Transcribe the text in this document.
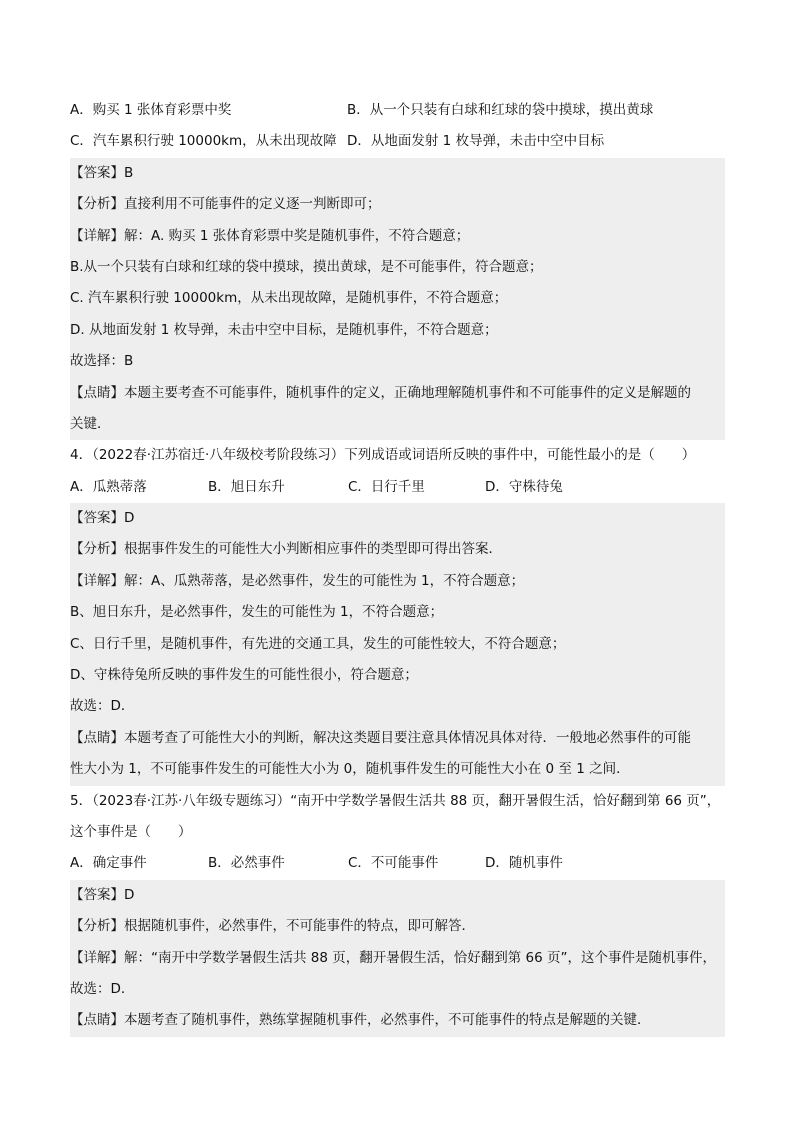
A．购买 1 张体育彩票中奖	B．从一个只装有白球和红球的袋中摸球，摸出黄球
C．汽车累积行驶 10000km，从未出现故障 D．从地面发射 1 枚导弹，未击中空中目标
【答案】B
【分析】直接利用不可能事件的定义逐一判断即可；
【详解】解：A. 购买 1 张体育彩票中奖是随机事件，不符合题意；
B.从一个只装有白球和红球的袋中摸球，摸出黄球，是不可能事件，符合题意；
C. 汽车累积行驶 10000km，从未出现故障，是随机事件，不符合题意；
D. 从地面发射 1 枚导弹，未击中空中目标，是随机事件，不符合题意；
故选择：B
【点睛】本题主要考查不可能事件，随机事件的定义，正确地理解随机事件和不可能事件的定义是解题的
关键．
4．（2022春·江苏宿迁·八年级校考阶段练习）下列成语或词语所反映的事件中，可能性最小的是（　　）
A．瓜熟蒂落	B．旭日东升	C．日行千里	D．守株待兔
【答案】D
【分析】根据事件发生的可能性大小判断相应事件的类型即可得出答案．
【详解】解：A、瓜熟蒂落，是必然事件，发生的可能性为 1，不符合题意；
B、旭日东升，是必然事件，发生的可能性为 1，不符合题意；
C、日行千里，是随机事件，有先进的交通工具，发生的可能性较大，不符合题意；
D、守株待兔所反映的事件发生的可能性很小，符合题意；
故选：D．
【点睛】本题考查了可能性大小的判断，解决这类题目要注意具体情况具体对待．一般地必然事件的可能
性大小为 1，不可能事件发生的可能性大小为 0，随机事件发生的可能性大小在 0 至 1 之间．
5．（2023春·江苏·八年级专题练习）“南开中学数学暑假生活共 88 页，翻开暑假生活，恰好翻到第 66 页”，
这个事件是（　　）
A．确定事件	B．必然事件	C．不可能事件	D．随机事件
【答案】D
【分析】根据随机事件，必然事件，不可能事件的特点，即可解答．
【详解】解：“南开中学数学暑假生活共 88 页，翻开暑假生活，恰好翻到第 66 页”，这个事件是随机事件，
故选：D．
【点睛】本题考查了随机事件，熟练掌握随机事件，必然事件，不可能事件的特点是解题的关键．
